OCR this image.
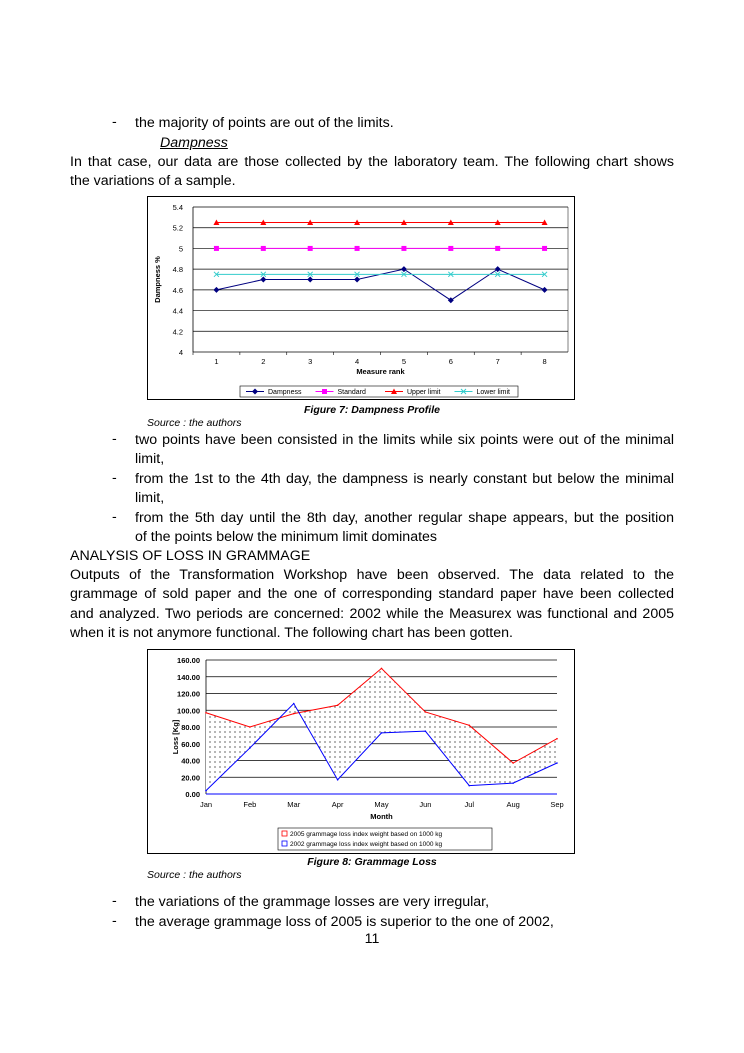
- the majority of points are out of the limits.
Dampness
In that case, our data are those collected by the laboratory team. The following chart shows
the variations of a sample.
4
4.2
4.4
4.6
4.8
5
5.2
5.4
1	2	3	4	5	6	7	8
Measure rank
Dampness %
Dampness	Standard	Upper limit	Lower limit
Figure 7: Dampness Profile
Source : the authors
- two points have been consisted in the limits while six points were out of the minimal
limit,
- from the 1st to the 4th day, the dampness is nearly constant but below the minimal
limit,
- from the 5th day until the 8th day, another regular shape appears, but the position
of the points below the minimum limit dominates
ANALYSIS OF LOSS IN GRAMMAGE
Outputs of the Transformation Workshop have been observed. The data related to the
grammage of sold paper and the one of corresponding standard paper have been collected
and analyzed. Two periods are concerned: 2002 while the Measurex was functional and 2005
when it is not anymore functional. The following chart has been gotten.
0.00
20.00
40.00
60.00
80.00
100.00
120.00
140.00
160.00
Jan	Feb	Mar	Apr	May	Jun	Jul	Aug	Sep
Month
Loss [Kg]
2005 grammage loss index weight based on 1000 kg
2002 grammage loss index weight based on 1000 kg
Figure 8: Grammage Loss
Source : the authors
- the variations of the grammage losses are very irregular,
- the average grammage loss of 2005 is superior to the one of 2002,
11
